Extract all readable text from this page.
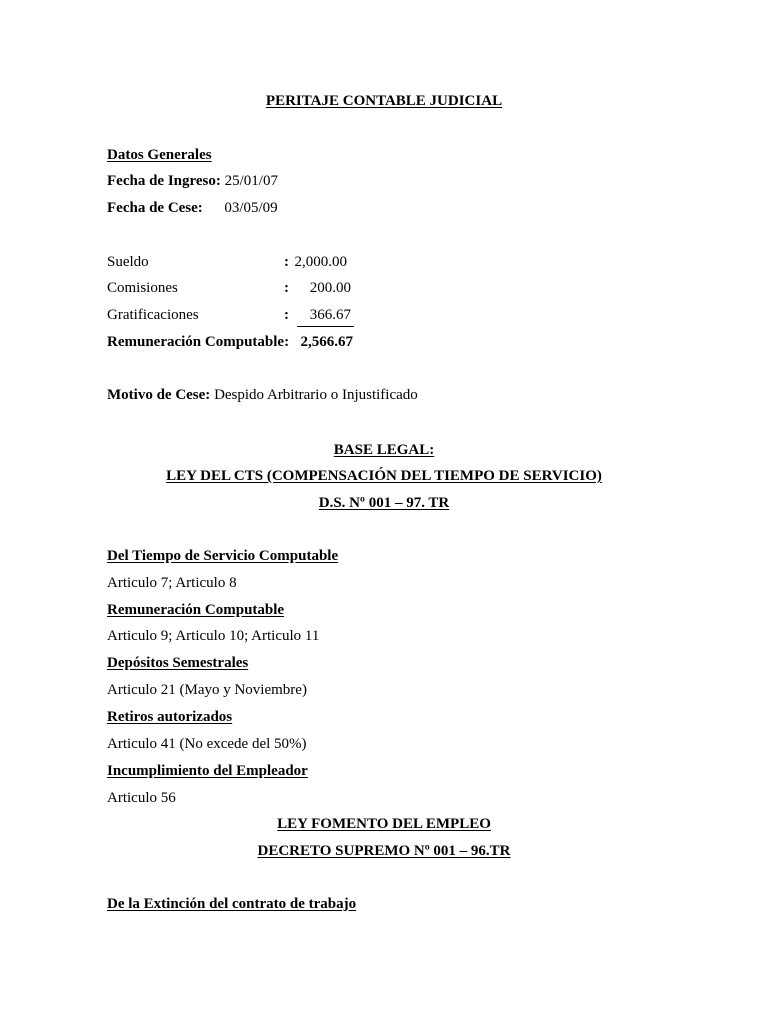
PERITAJE CONTABLE JUDICIAL
Datos Generales
Fecha de Ingreso: 25/01/07
Fecha de Cese: 03/05/09
Sueldo	: 2,000.00
Comisiones	:	200.00
Gratificaciones	:	366.67
Remuneración Computable: 2,566.67
Motivo de Cese: Despido Arbitrario o Injustificado
BASE LEGAL:
LEY DEL CTS (COMPENSACIÓN DEL TIEMPO DE SERVICIO)
D.S. Nº 001 – 97. TR
Del Tiempo de Servicio Computable
Articulo 7; Articulo 8
Remuneración Computable
Articulo 9; Articulo 10; Articulo 11
Depósitos Semestrales
Articulo 21 (Mayo y Noviembre)
Retiros autorizados
Articulo 41 (No excede del 50%)
Incumplimiento del Empleador
Articulo 56
LEY FOMENTO DEL EMPLEO
DECRETO SUPREMO Nº 001 – 96.TR
De la Extinción del contrato de trabajo
